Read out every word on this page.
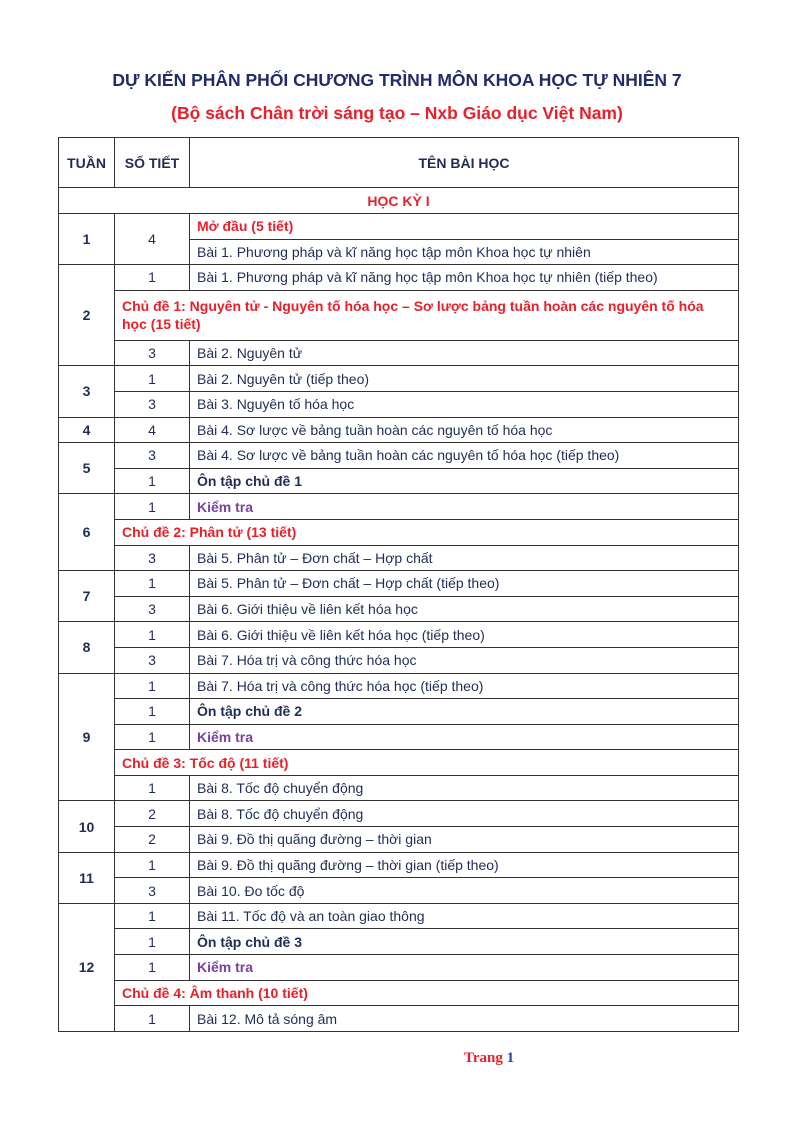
DỰ KIẾN PHÂN PHỐI CHƯƠNG TRÌNH MÔN KHOA HỌC TỰ NHIÊN 7
(Bộ sách Chân trời sáng tạo – Nxb Giáo dục Việt Nam)
TUẦN	SỐ TIẾT	TÊN BÀI HỌC
HỌC KỲ I		
1	4	Mở đầu (5 tiết)
		Bài 1. Phương pháp và kĩ năng học tập môn Khoa học tự nhiên
2	1	Bài 1. Phương pháp và kĩ năng học tập môn Khoa học tự nhiên (tiếp theo)
	Chủ đề 1: Nguyên tử - Nguyên tố hóa học – Sơ lược bảng tuần hoàn các nguyên tố hóa học (15 tiết)	
	3	Bài 2. Nguyên tử
3	1	Bài 2. Nguyên tử (tiếp theo)
	3	Bài 3. Nguyên tố hóa học
4	4	Bài 4. Sơ lược về bảng tuần hoàn các nguyên tố hóa học
5	3	Bài 4. Sơ lược về bảng tuần hoàn các nguyên tố hóa học (tiếp theo)
	1	Ôn tập chủ đề 1
6	1	Kiểm tra
	Chủ đề 2: Phân tử (13 tiết)	
	3	Bài 5. Phân tử – Đơn chất – Hợp chất
7	1	Bài 5. Phân tử – Đơn chất – Hợp chất (tiếp theo)
	3	Bài 6. Giới thiệu về liên kết hóa học
8	1	Bài 6. Giới thiệu về liên kết hóa học (tiếp theo)
	3	Bài 7. Hóa trị và công thức hóa học
9	1	Bài 7. Hóa trị và công thức hóa học (tiếp theo)
	1	Ôn tập chủ đề 2
	1	Kiểm tra
	Chủ đề 3: Tốc độ (11 tiết)	
	1	Bài 8. Tốc độ chuyển động
10	2	Bài 8. Tốc độ chuyển động
	2	Bài 9. Đồ thị quãng đường – thời gian
11	1	Bài 9. Đồ thị quãng đường – thời gian (tiếp theo)
	3	Bài 10. Đo tốc độ
12	1	Bài 11. Tốc độ và an toàn giao thông
	1	Ôn tập chủ đề 3
	1	Kiểm tra
	Chủ đề 4: Âm thanh (10 tiết)	
	1	Bài 12. Mô tả sóng âm
Trang 1
